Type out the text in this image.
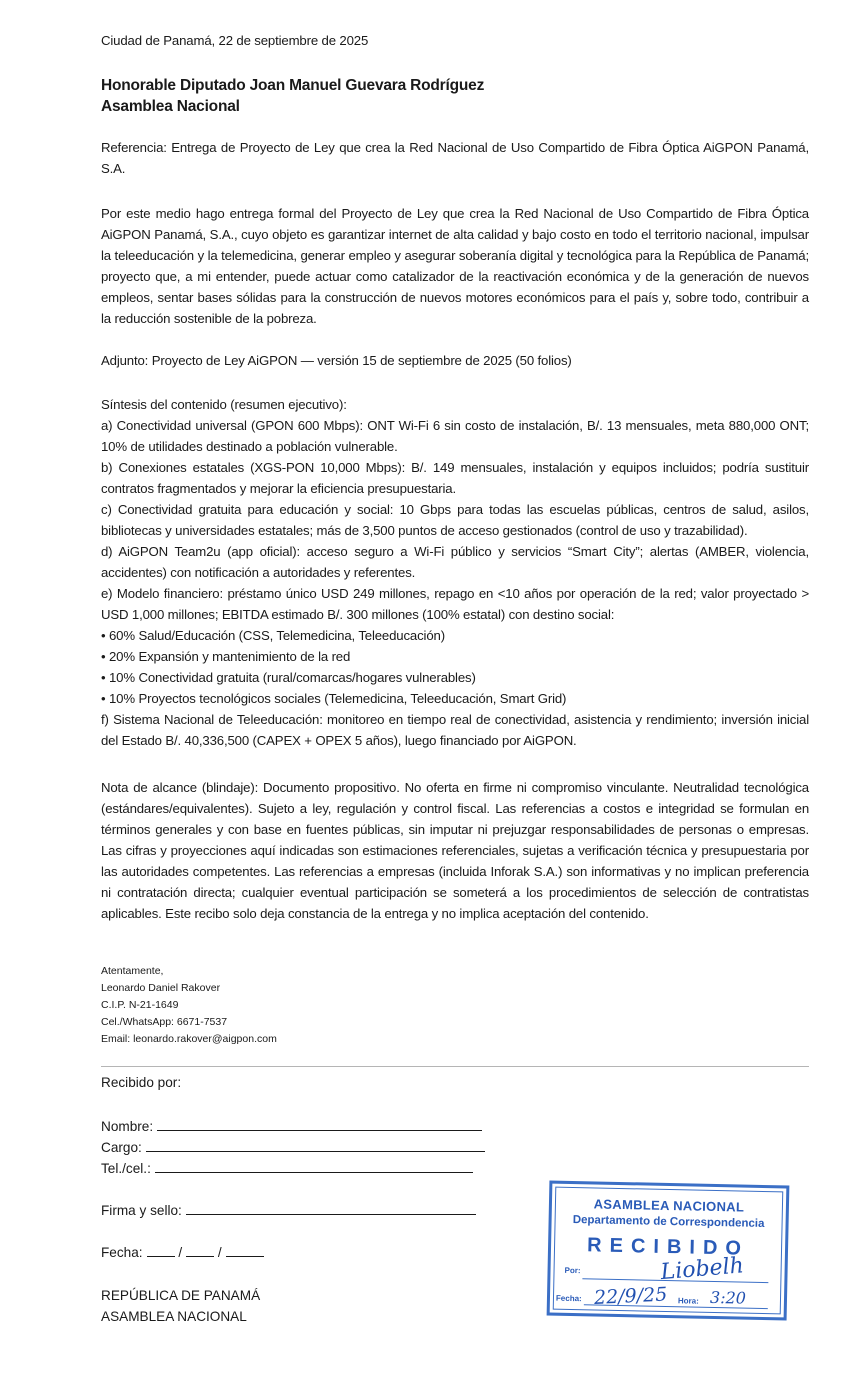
Ciudad de Panamá, 22 de septiembre de 2025
Honorable Diputado Joan Manuel Guevara Rodríguez
Asamblea Nacional
Referencia: Entrega de Proyecto de Ley que crea la Red Nacional de Uso Compartido de Fibra Óptica AiGPON Panamá, S.A.
Por este medio hago entrega formal del Proyecto de Ley que crea la Red Nacional de Uso Compartido de Fibra Óptica AiGPON Panamá, S.A., cuyo objeto es garantizar internet de alta calidad y bajo costo en todo el territorio nacional, impulsar la teleeducación y la telemedicina, generar empleo y asegurar soberanía digital y tecnológica para la República de Panamá; proyecto que, a mi entender, puede actuar como catalizador de la reactivación económica y de la generación de nuevos empleos, sentar bases sólidas para la construcción de nuevos motores económicos para el país y, sobre todo, contribuir a la reducción sostenible de la pobreza.
Adjunto: Proyecto de Ley AiGPON — versión 15 de septiembre de 2025 (50 folios)
Síntesis del contenido (resumen ejecutivo):
a) Conectividad universal (GPON 600 Mbps): ONT Wi-Fi 6 sin costo de instalación, B/. 13 mensuales, meta 880,000 ONT; 10% de utilidades destinado a población vulnerable.
b) Conexiones estatales (XGS-PON 10,000 Mbps): B/. 149 mensuales, instalación y equipos incluidos; podría sustituir contratos fragmentados y mejorar la eficiencia presupuestaria.
c) Conectividad gratuita para educación y social: 10 Gbps para todas las escuelas públicas, centros de salud, asilos, bibliotecas y universidades estatales; más de 3,500 puntos de acceso gestionados (control de uso y trazabilidad).
d) AiGPON Team2u (app oficial): acceso seguro a Wi-Fi público y servicios “Smart City”; alertas (AMBER, violencia, accidentes) con notificación a autoridades y referentes.
e) Modelo financiero: préstamo único USD 249 millones, repago en <10 años por operación de la red; valor proyectado > USD 1,000 millones; EBITDA estimado B/. 300 millones (100% estatal) con destino social:
• 60% Salud/Educación (CSS, Telemedicina, Teleeducación)
• 20% Expansión y mantenimiento de la red
• 10% Conectividad gratuita (rural/comarcas/hogares vulnerables)
• 10% Proyectos tecnológicos sociales (Telemedicina, Teleeducación, Smart Grid)
f) Sistema Nacional de Teleeducación: monitoreo en tiempo real de conectividad, asistencia y rendimiento; inversión inicial del Estado B/. 40,336,500 (CAPEX + OPEX 5 años), luego financiado por AiGPON.
Nota de alcance (blindaje): Documento propositivo. No oferta en firme ni compromiso vinculante. Neutralidad tecnológica (estándares/equivalentes). Sujeto a ley, regulación y control fiscal. Las referencias a costos e integridad se formulan en términos generales y con base en fuentes públicas, sin imputar ni prejuzgar responsabilidades de personas o empresas. Las cifras y proyecciones aquí indicadas son estimaciones referenciales, sujetas a verificación técnica y presupuestaria por las autoridades competentes. Las referencias a empresas (incluida Inforak S.A.) son informativas y no implican preferencia ni contratación directa; cualquier eventual participación se someterá a los procedimientos de selección de contratistas aplicables. Este recibo solo deja constancia de la entrega y no implica aceptación del contenido.
Atentamente,
Leonardo Daniel Rakover
C.I.P. N-21-1649
Cel./WhatsApp: 6671-7537
Email: leonardo.rakover@aigpon.com
Recibido por:
Nombre:
Cargo:
Tel./cel.:
Firma y sello:
Fecha:	/	/
REPÚBLICA DE PANAMÁ
ASAMBLEA NACIONAL
ASAMBLEA NACIONAL
Departamento de Correspondencia
RECIBIDO
Por:	Liobelh
Fecha: 22/9/25 Hora: 3:20
